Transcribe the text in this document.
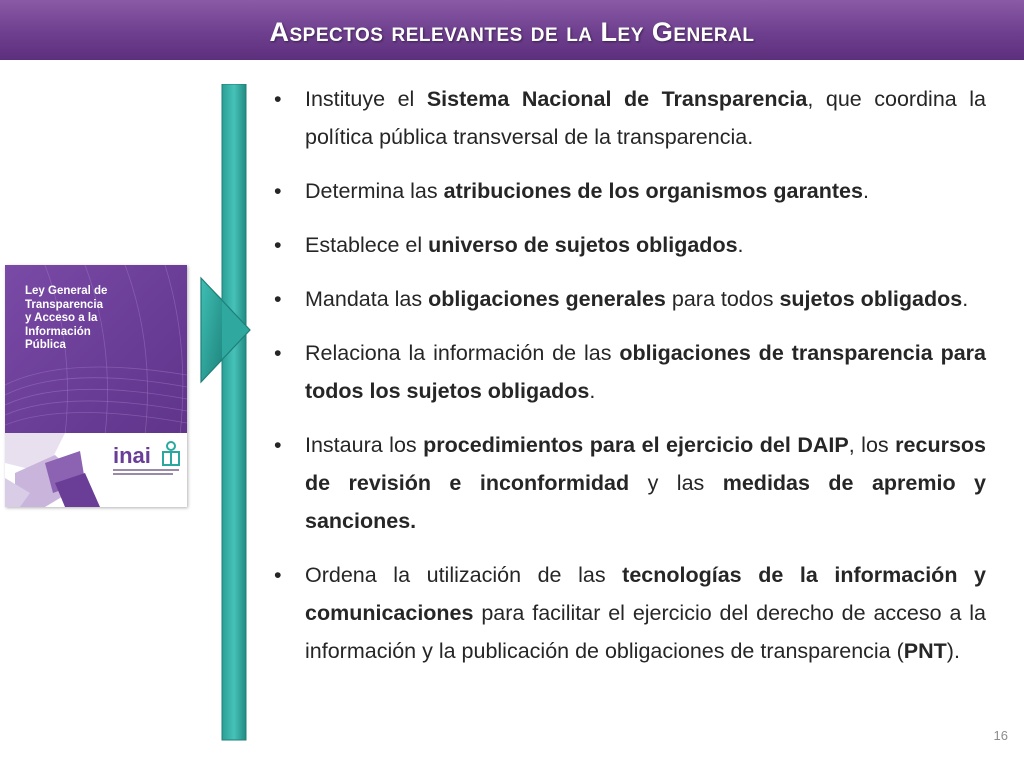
Aspectos relevantes de la Ley General
Ley General de
Transparencia
y Acceso a la
Información
Pública
inai
• Instituye el Sistema Nacional de Transparencia, que coordina la política pública transversal de la transparencia.
• Determina las atribuciones de los organismos garantes.
• Establece el universo de sujetos obligados.
• Mandata las obligaciones generales para todos sujetos obligados.
• Relaciona la información de las obligaciones de transparencia para todos los sujetos obligados.
• Instaura los procedimientos para el ejercicio del DAIP, los recursos de revisión e inconformidad y las medidas de apremio y sanciones.
• Ordena la utilización de las tecnologías de la información y comunicaciones para facilitar el ejercicio del derecho de acceso a la información y la publicación de obligaciones de transparencia (PNT).
16
